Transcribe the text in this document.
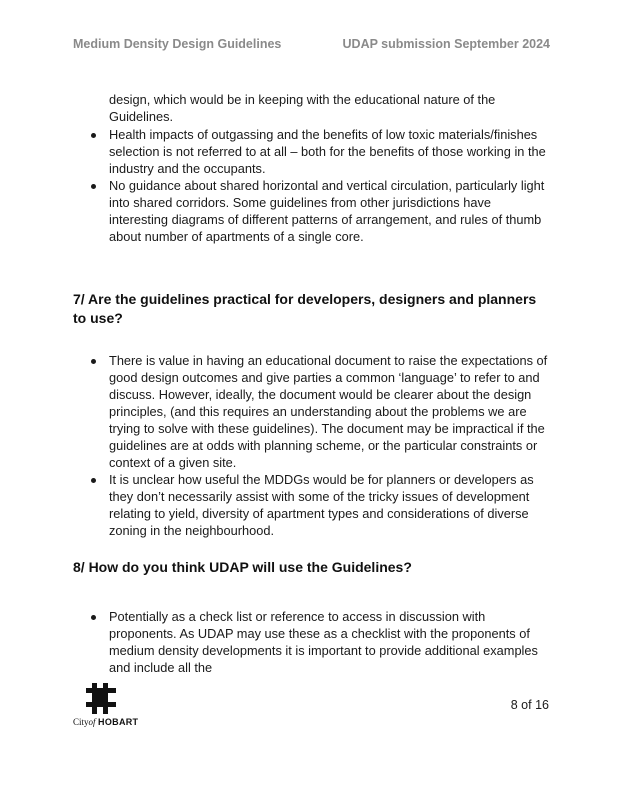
Medium Density Design Guidelines	UDAP submission September 2024
design, which would be in keeping with the educational nature of the Guidelines.
Health impacts of outgassing and the benefits of low toxic materials/finishes selection is not referred to at all – both for the benefits of those working in the industry and the occupants.
No guidance about shared horizontal and vertical circulation, particularly light into shared corridors. Some guidelines from other jurisdictions have interesting diagrams of different patterns of arrangement, and rules of thumb about number of apartments of a single core.
7/ Are the guidelines practical for developers, designers and planners to use?
There is value in having an educational document to raise the expectations of good design outcomes and give parties a common ‘language’ to refer to and discuss. However, ideally, the document would be clearer about the design principles, (and this requires an understanding about the problems we are trying to solve with these guidelines). The document may be impractical if the guidelines are at odds with planning scheme, or the particular constraints or context of a given site.
It is unclear how useful the MDDGs would be for planners or developers as they don’t necessarily assist with some of the tricky issues of development relating to yield, diversity of apartment types and considerations of diverse zoning in the neighbourhood.
8/ How do you think UDAP will use the Guidelines?
Potentially as a check list or reference to access in discussion with proponents. As UDAP may use these as a checklist with the proponents of medium density developments it is important to provide additional examples and include all the
Cityof HOBART
8 of 16
